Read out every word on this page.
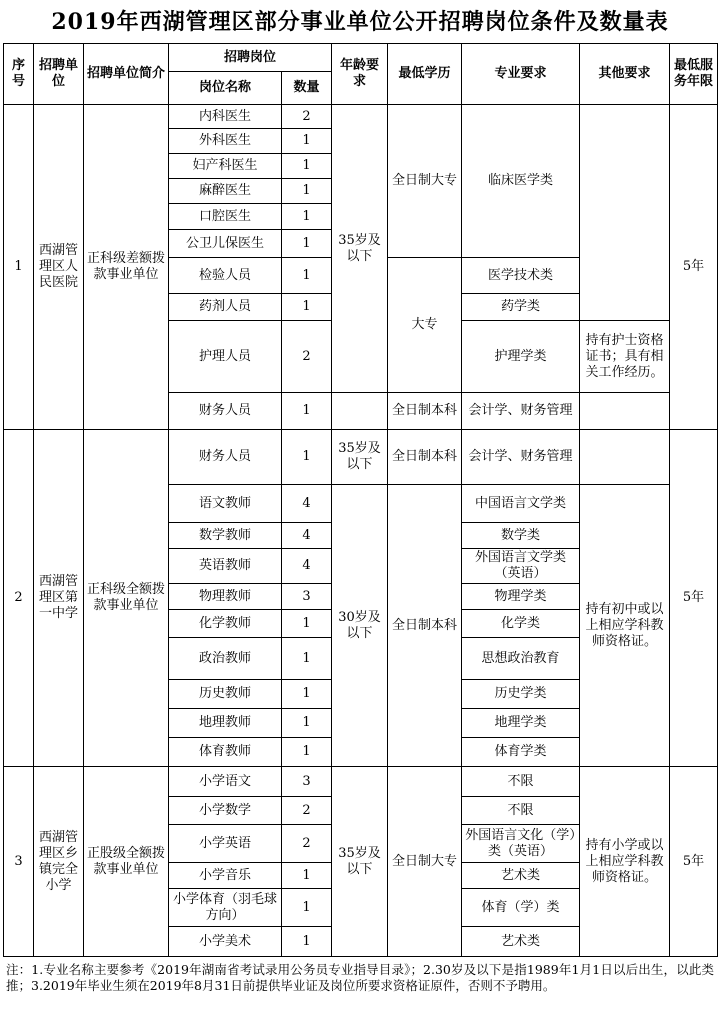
2019年西湖管理区部分事业单位公开招聘岗位条件及数量表
序号	招聘单位	招聘单位简介	招聘岗位		年龄要求	最低学历	专业要求	其他要求	最低服务年限
			岗位名称	数量					
1	西湖管理区人民医院	正科级差额拨款事业单位	内科医生	2	35岁及以下	全日制大专	临床医学类		5年
			外科医生	1					
			妇产科医生	1					
			麻醉医生	1					
			口腔医生	1					
			公卫儿保医生	1					
			检验人员	1		大专	医学技术类		
			药剂人员	1			药学类		
			护理人员	2			护理学类	持有护士资格证书；具有相关工作经历。	
			财务人员	1		全日制本科	会计学、财务管理		
2	西湖管理区第一中学	正科级全额拨款事业单位	财务人员	1	35岁及以下	全日制本科	会计学、财务管理		5年
			语文教师	4	30岁及以下	全日制本科	中国语言文学类	持有初中或以上相应学科教师资格证。	
			数学教师	4			数学类		
			英语教师	4			外国语言文学类（英语）		
			物理教师	3			物理学类		
			化学教师	1			化学类		
			政治教师	1			思想政治教育		
			历史教师	1			历史学类		
			地理教师	1			地理学类		
			体育教师	1			体育学类		
3	西湖管理区乡镇完全小学	正股级全额拨款事业单位	小学语文	3	35岁及以下	全日制大专	不限	持有小学或以上相应学科教师资格证。	5年
			小学数学	2			不限		
			小学英语	2			外国语言文化（学）类（英语）		
			小学音乐	1			艺术类		
			小学体育（羽毛球方向）	1			体育（学）类		
			小学美术	1			艺术类		
注：1.专业名称主要参考《2019年湖南省考试录用公务员专业指导目录》；2.30岁及以下是指1989年1月1日以后出生，以此类推；3.2019年毕业生须在2019年8月31日前提供毕业证及岗位所要求资格证原件，否则不予聘用。
